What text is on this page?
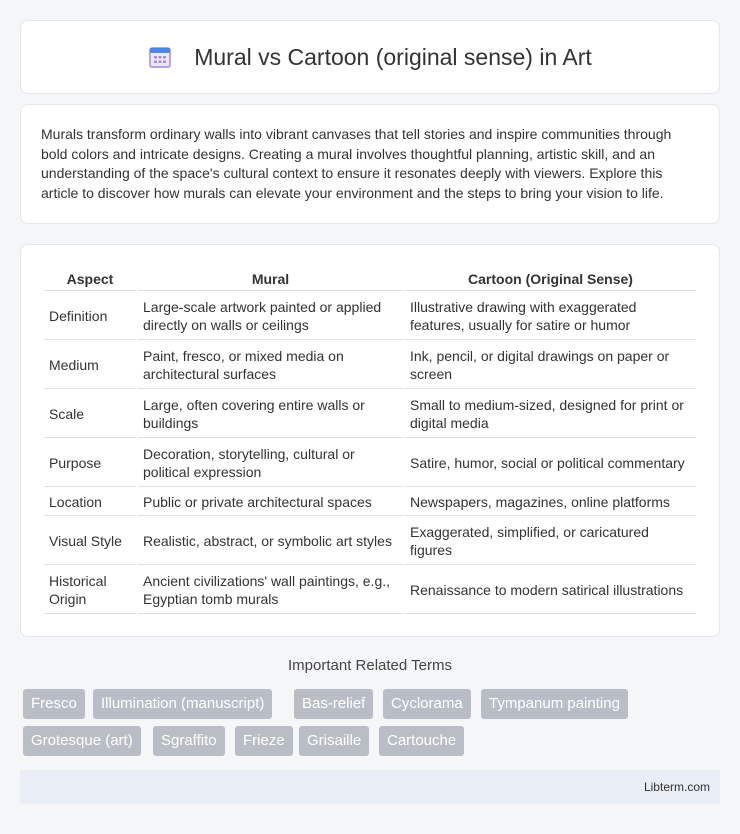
Mural vs Cartoon (original sense) in Art

Murals transform ordinary walls into vibrant canvases that tell stories and inspire communities through bold colors and intricate designs. Creating a mural involves thoughtful planning, artistic skill, and an understanding of the space's cultural context to ensure it resonates deeply with viewers. Explore this article to discover how murals can elevate your environment and the steps to bring your vision to life.

Aspect	Mural	Cartoon (Original Sense)
Definition	Large-scale artwork painted or applied directly on walls or ceilings	Illustrative drawing with exaggerated features, usually for satire or humor
Medium	Paint, fresco, or mixed media on architectural surfaces	Ink, pencil, or digital drawings on paper or screen
Scale	Large, often covering entire walls or buildings	Small to medium-sized, designed for print or digital media
Purpose	Decoration, storytelling, cultural or political expression	Satire, humor, social or political commentary
Location	Public or private architectural spaces	Newspapers, magazines, online platforms
Visual Style	Realistic, abstract, or symbolic art styles	Exaggerated, simplified, or caricatured figures
Historical Origin	Ancient civilizations' wall paintings, e.g., Egyptian tomb murals	Renaissance to modern satirical illustrations
Important Related Terms
Fresco	Illumination (manuscript)	Bas-relief	Cyclorama	Tympanum painting
Grotesque (art)	Sgraffito	Frieze	Grisaille	Cartouche
Libterm.com
